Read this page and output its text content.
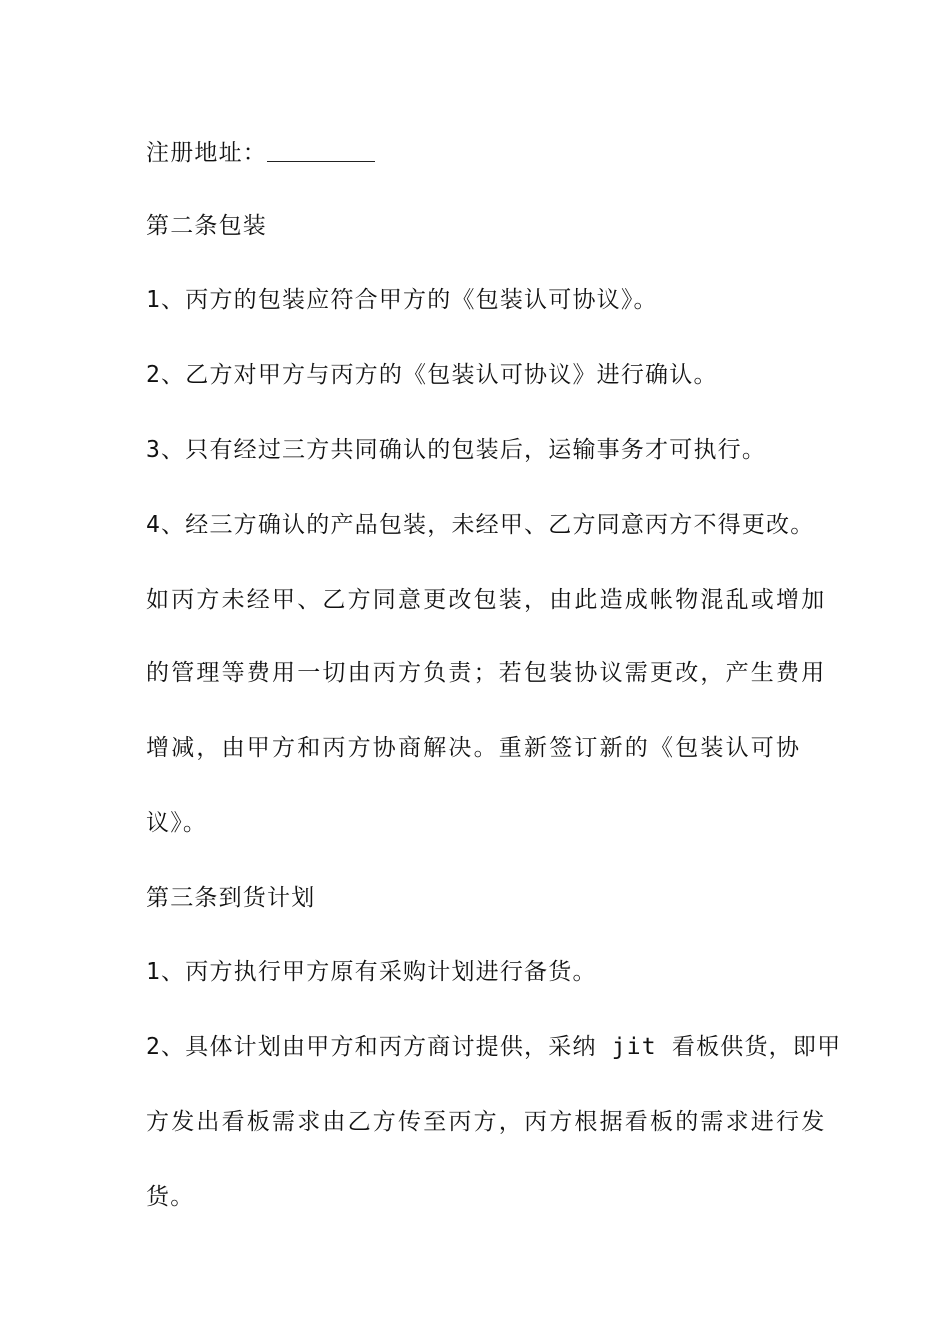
注册地址：
第二条包装
1、丙方的包装应符合甲方的《包装认可协议》。
2、乙方对甲方与丙方的《包装认可协议》进行确认。
3、只有经过三方共同确认的包装后，运输事务才可执行。
4、经三方确认的产品包装，未经甲、乙方同意丙方不得更改。
如丙方未经甲、乙方同意更改包装，由此造成帐物混乱或增加
的管理等费用一切由丙方负责；若包装协议需更改，产生费用
增减，由甲方和丙方协商解决。重新签订新的《包装认可协
议》。
第三条到货计划
1、丙方执行甲方原有采购计划进行备货。
2、具体计划由甲方和丙方商讨提供，采纳 jit 看板供货，即甲
方发出看板需求由乙方传至丙方，丙方根据看板的需求进行发
货。
